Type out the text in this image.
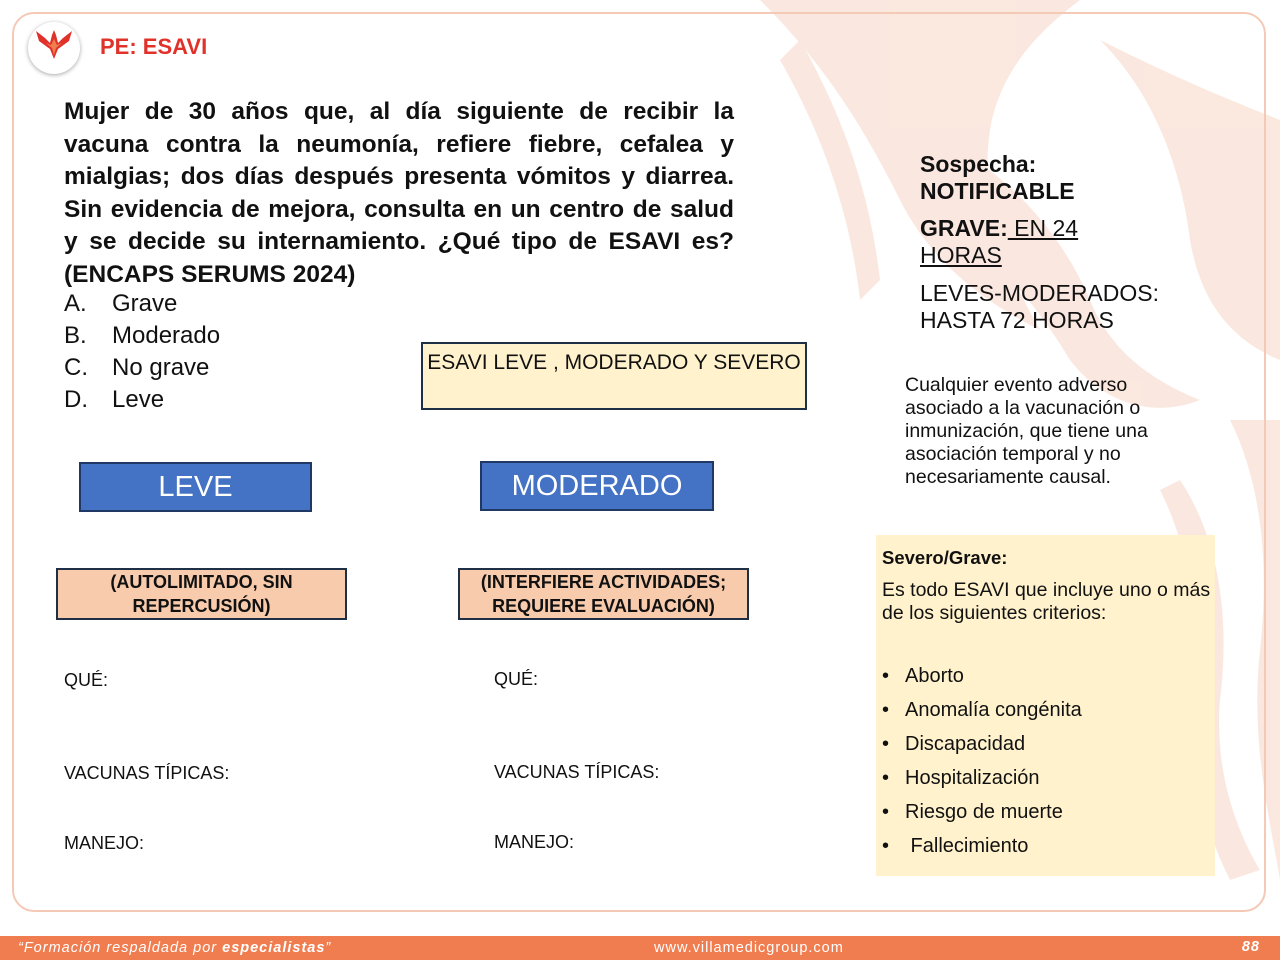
PE: ESAVI

Mujer de 30 años que, al día siguiente de recibir la vacuna contra la neumonía, refiere fiebre, cefalea y mialgias; dos días después presenta vómitos y diarrea. Sin evidencia de mejora, consulta en un centro de salud y se decide su internamiento. ¿Qué tipo de ESAVI es? (ENCAPS SERUMS 2024)

A.	Grave
B.	Moderado
C.	No grave
D.	Leve
ESAVI LEVE , MODERADO Y SEVERO
LEVE	MODERADO
(AUTOLIMITADO, SIN REPERCUSIÓN)
(INTERFIERE ACTIVIDADES; REQUIERE EVALUACIÓN)
QUÉ:
VACUNAS TÍPICAS:
MANEJO:
QUÉ:
VACUNAS TÍPICAS:
MANEJO:
Sospecha:
NOTIFICABLE
GRAVE: EN 24
HORAS
LEVES-MODERADOS:
HASTA 72 HORAS
Cualquier evento adverso asociado a la vacunación o inmunización, que tiene una asociación temporal y no necesariamente causal.
Severo/Grave:
Es todo ESAVI que incluye uno o más de los siguientes criterios:
• Aborto
• Anomalía congénita
• Discapacidad
• Hospitalización
• Riesgo de muerte
• Fallecimiento
“Formación respaldada por especialistas”	www.villamedicgroup.com	88
